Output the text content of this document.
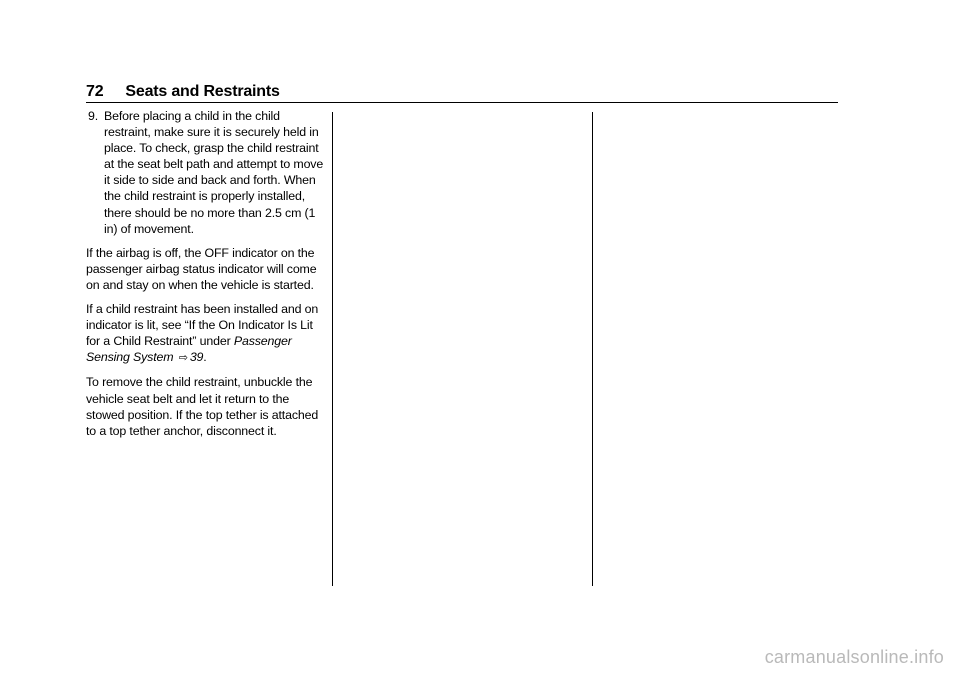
72 Seats and Restraints
9. Before placing a child in the child restraint, make sure it is securely held in place. To check, grasp the child restraint at the seat belt path and attempt to move it side to side and back and forth. When the child restraint is properly installed, there should be no more than 2.5 cm (1 in) of movement.

If the airbag is off, the OFF indicator on the passenger airbag status indicator will come on and stay on when the vehicle is started.

If a child restraint has been installed and on indicator is lit, see “If the On Indicator Is Lit for a Child Restraint” under Passenger Sensing System ⇨ 39.

To remove the child restraint, unbuckle the vehicle seat belt and let it return to the stowed position. If the top tether is attached to a top tether anchor, disconnect it.

carmanualsonline.info
